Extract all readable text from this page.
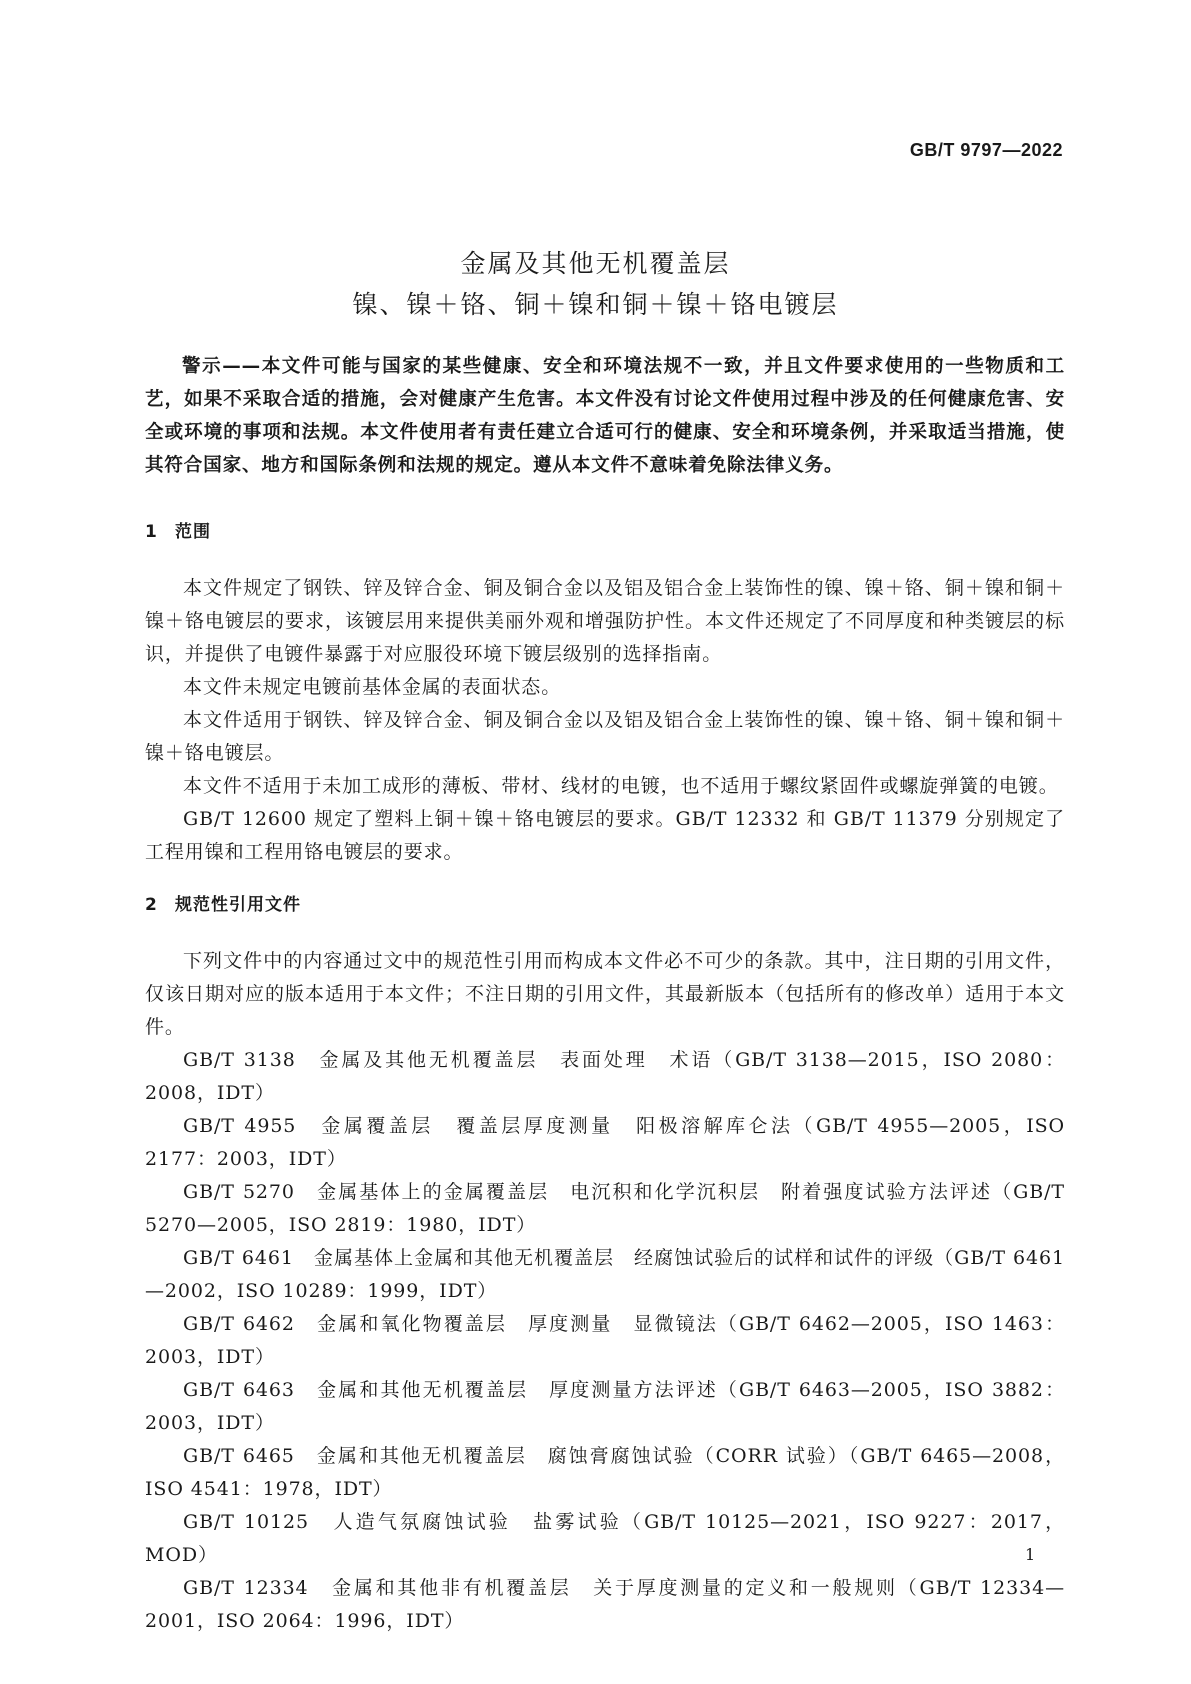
GB/T 9797—2022
金属及其他无机覆盖层
镍、镍＋铬、铜＋镍和铜＋镍＋铬电镀层

警示——本文件可能与国家的某些健康、安全和环境法规不一致，并且文件要求使用的一些物质和工艺，如果不采取合适的措施，会对健康产生危害。本文件没有讨论文件使用过程中涉及的任何健康危害、安全或环境的事项和法规。本文件使用者有责任建立合适可行的健康、安全和环境条例，并采取适当措施，使其符合国家、地方和国际条例和法规的规定。遵从本文件不意味着免除法律义务。

1 范围

本文件规定了钢铁、锌及锌合金、铜及铜合金以及铝及铝合金上装饰性的镍、镍＋铬、铜＋镍和铜＋镍＋铬电镀层的要求，该镀层用来提供美丽外观和增强防护性。本文件还规定了不同厚度和种类镀层的标识，并提供了电镀件暴露于对应服役环境下镀层级别的选择指南。

本文件未规定电镀前基体金属的表面状态。

本文件适用于钢铁、锌及锌合金、铜及铜合金以及铝及铝合金上装饰性的镍、镍＋铬、铜＋镍和铜＋镍＋铬电镀层。

本文件不适用于未加工成形的薄板、带材、线材的电镀，也不适用于螺纹紧固件或螺旋弹簧的电镀。

GB/T 12600 规定了塑料上铜＋镍＋铬电镀层的要求。GB/T 12332 和 GB/T 11379 分别规定了工程用镍和工程用铬电镀层的要求。

2 规范性引用文件

下列文件中的内容通过文中的规范性引用而构成本文件必不可少的条款。其中，注日期的引用文件，仅该日期对应的版本适用于本文件；不注日期的引用文件，其最新版本（包括所有的修改单）适用于本文件。

GB/T 3138　金属及其他无机覆盖层　表面处理　术语（GB/T 3138—2015，ISO 2080：2008，IDT）

GB/T 4955　金属覆盖层　覆盖层厚度测量　阳极溶解库仑法（GB/T 4955—2005，ISO 2177：2003，IDT）

GB/T 5270　金属基体上的金属覆盖层　电沉积和化学沉积层　附着强度试验方法评述（GB/T 5270—2005，ISO 2819：1980，IDT）

GB/T 6461　金属基体上金属和其他无机覆盖层　经腐蚀试验后的试样和试件的评级（GB/T 6461—2002，ISO 10289：1999，IDT）

GB/T 6462　金属和氧化物覆盖层　厚度测量　显微镜法（GB/T 6462—2005，ISO 1463：2003，IDT）

GB/T 6463　金属和其他无机覆盖层　厚度测量方法评述（GB/T 6463—2005，ISO 3882：2003，IDT）

GB/T 6465　金属和其他无机覆盖层　腐蚀膏腐蚀试验（CORR 试验）（GB/T 6465—2008，ISO 4541：1978，IDT）

GB/T 10125　人造气氛腐蚀试验　盐雾试验（GB/T 10125—2021，ISO 9227：2017，MOD）

GB/T 12334　金属和其他非有机覆盖层　关于厚度测量的定义和一般规则（GB/T 12334—2001，ISO 2064：1996，IDT）

1
